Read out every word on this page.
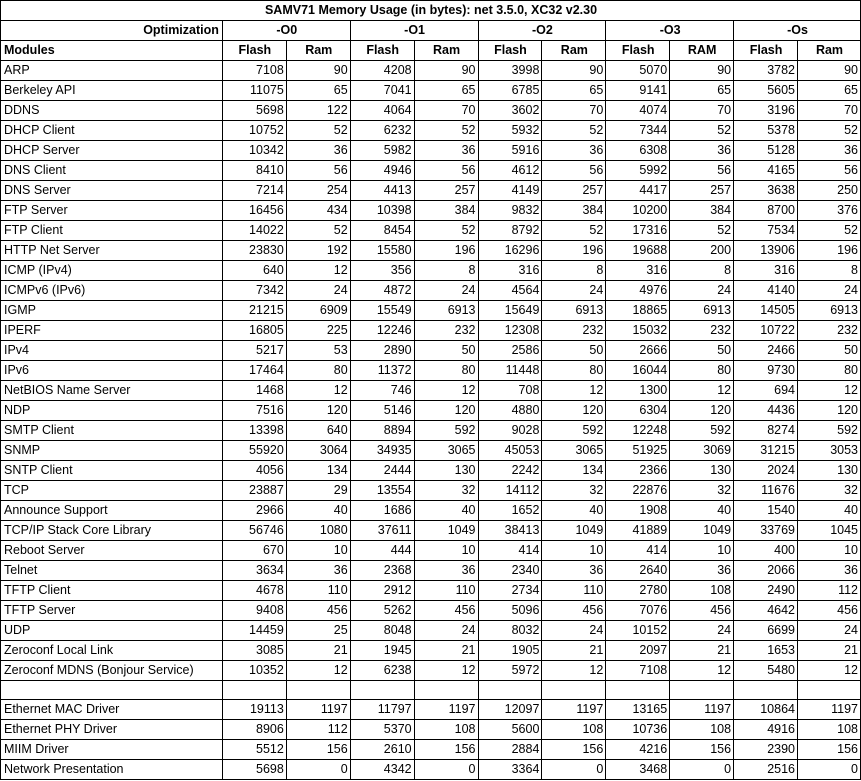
SAMV71 Memory Usage (in bytes): net 3.5.0, XC32 v2.30										
Optimization	-O0		-O1		-O2		-O3		-Os	
Modules	Flash	Ram	Flash	Ram	Flash	Ram	Flash	RAM	Flash	Ram
ARP	7108	90	4208	90	3998	90	5070	90	3782	90
Berkeley API	11075	65	7041	65	6785	65	9141	65	5605	65
DDNS	5698	122	4064	70	3602	70	4074	70	3196	70
DHCP Client	10752	52	6232	52	5932	52	7344	52	5378	52
DHCP Server	10342	36	5982	36	5916	36	6308	36	5128	36
DNS Client	8410	56	4946	56	4612	56	5992	56	4165	56
DNS Server	7214	254	4413	257	4149	257	4417	257	3638	250
FTP Server	16456	434	10398	384	9832	384	10200	384	8700	376
FTP Client	14022	52	8454	52	8792	52	17316	52	7534	52
HTTP Net Server	23830	192	15580	196	16296	196	19688	200	13906	196
ICMP (IPv4)	640	12	356	8	316	8	316	8	316	8
ICMPv6 (IPv6)	7342	24	4872	24	4564	24	4976	24	4140	24
IGMP	21215	6909	15549	6913	15649	6913	18865	6913	14505	6913
IPERF	16805	225	12246	232	12308	232	15032	232	10722	232
IPv4	5217	53	2890	50	2586	50	2666	50	2466	50
IPv6	17464	80	11372	80	11448	80	16044	80	9730	80
NetBIOS Name Server	1468	12	746	12	708	12	1300	12	694	12
NDP	7516	120	5146	120	4880	120	6304	120	4436	120
SMTP Client	13398	640	8894	592	9028	592	12248	592	8274	592
SNMP	55920	3064	34935	3065	45053	3065	51925	3069	31215	3053
SNTP Client	4056	134	2444	130	2242	134	2366	130	2024	130
TCP	23887	29	13554	32	14112	32	22876	32	11676	32
Announce Support	2966	40	1686	40	1652	40	1908	40	1540	40
TCP/IP Stack Core Library	56746	1080	37611	1049	38413	1049	41889	1049	33769	1045
Reboot Server	670	10	444	10	414	10	414	10	400	10
Telnet	3634	36	2368	36	2340	36	2640	36	2066	36
TFTP Client	4678	110	2912	110	2734	110	2780	108	2490	112
TFTP Server	9408	456	5262	456	5096	456	7076	456	4642	456
UDP	14459	25	8048	24	8032	24	10152	24	6699	24
Zeroconf Local Link	3085	21	1945	21	1905	21	2097	21	1653	21
Zeroconf MDNS (Bonjour Service)	10352	12	6238	12	5972	12	7108	12	5480	12

Ethernet MAC Driver	19113	1197	11797	1197	12097	1197	13165	1197	10864	1197
Ethernet PHY Driver	8906	112	5370	108	5600	108	10736	108	4916	108
MIIM Driver	5512	156	2610	156	2884	156	4216	156	2390	156
Network Presentation	5698	0	4342	0	3364	0	3468	0	2516	0
